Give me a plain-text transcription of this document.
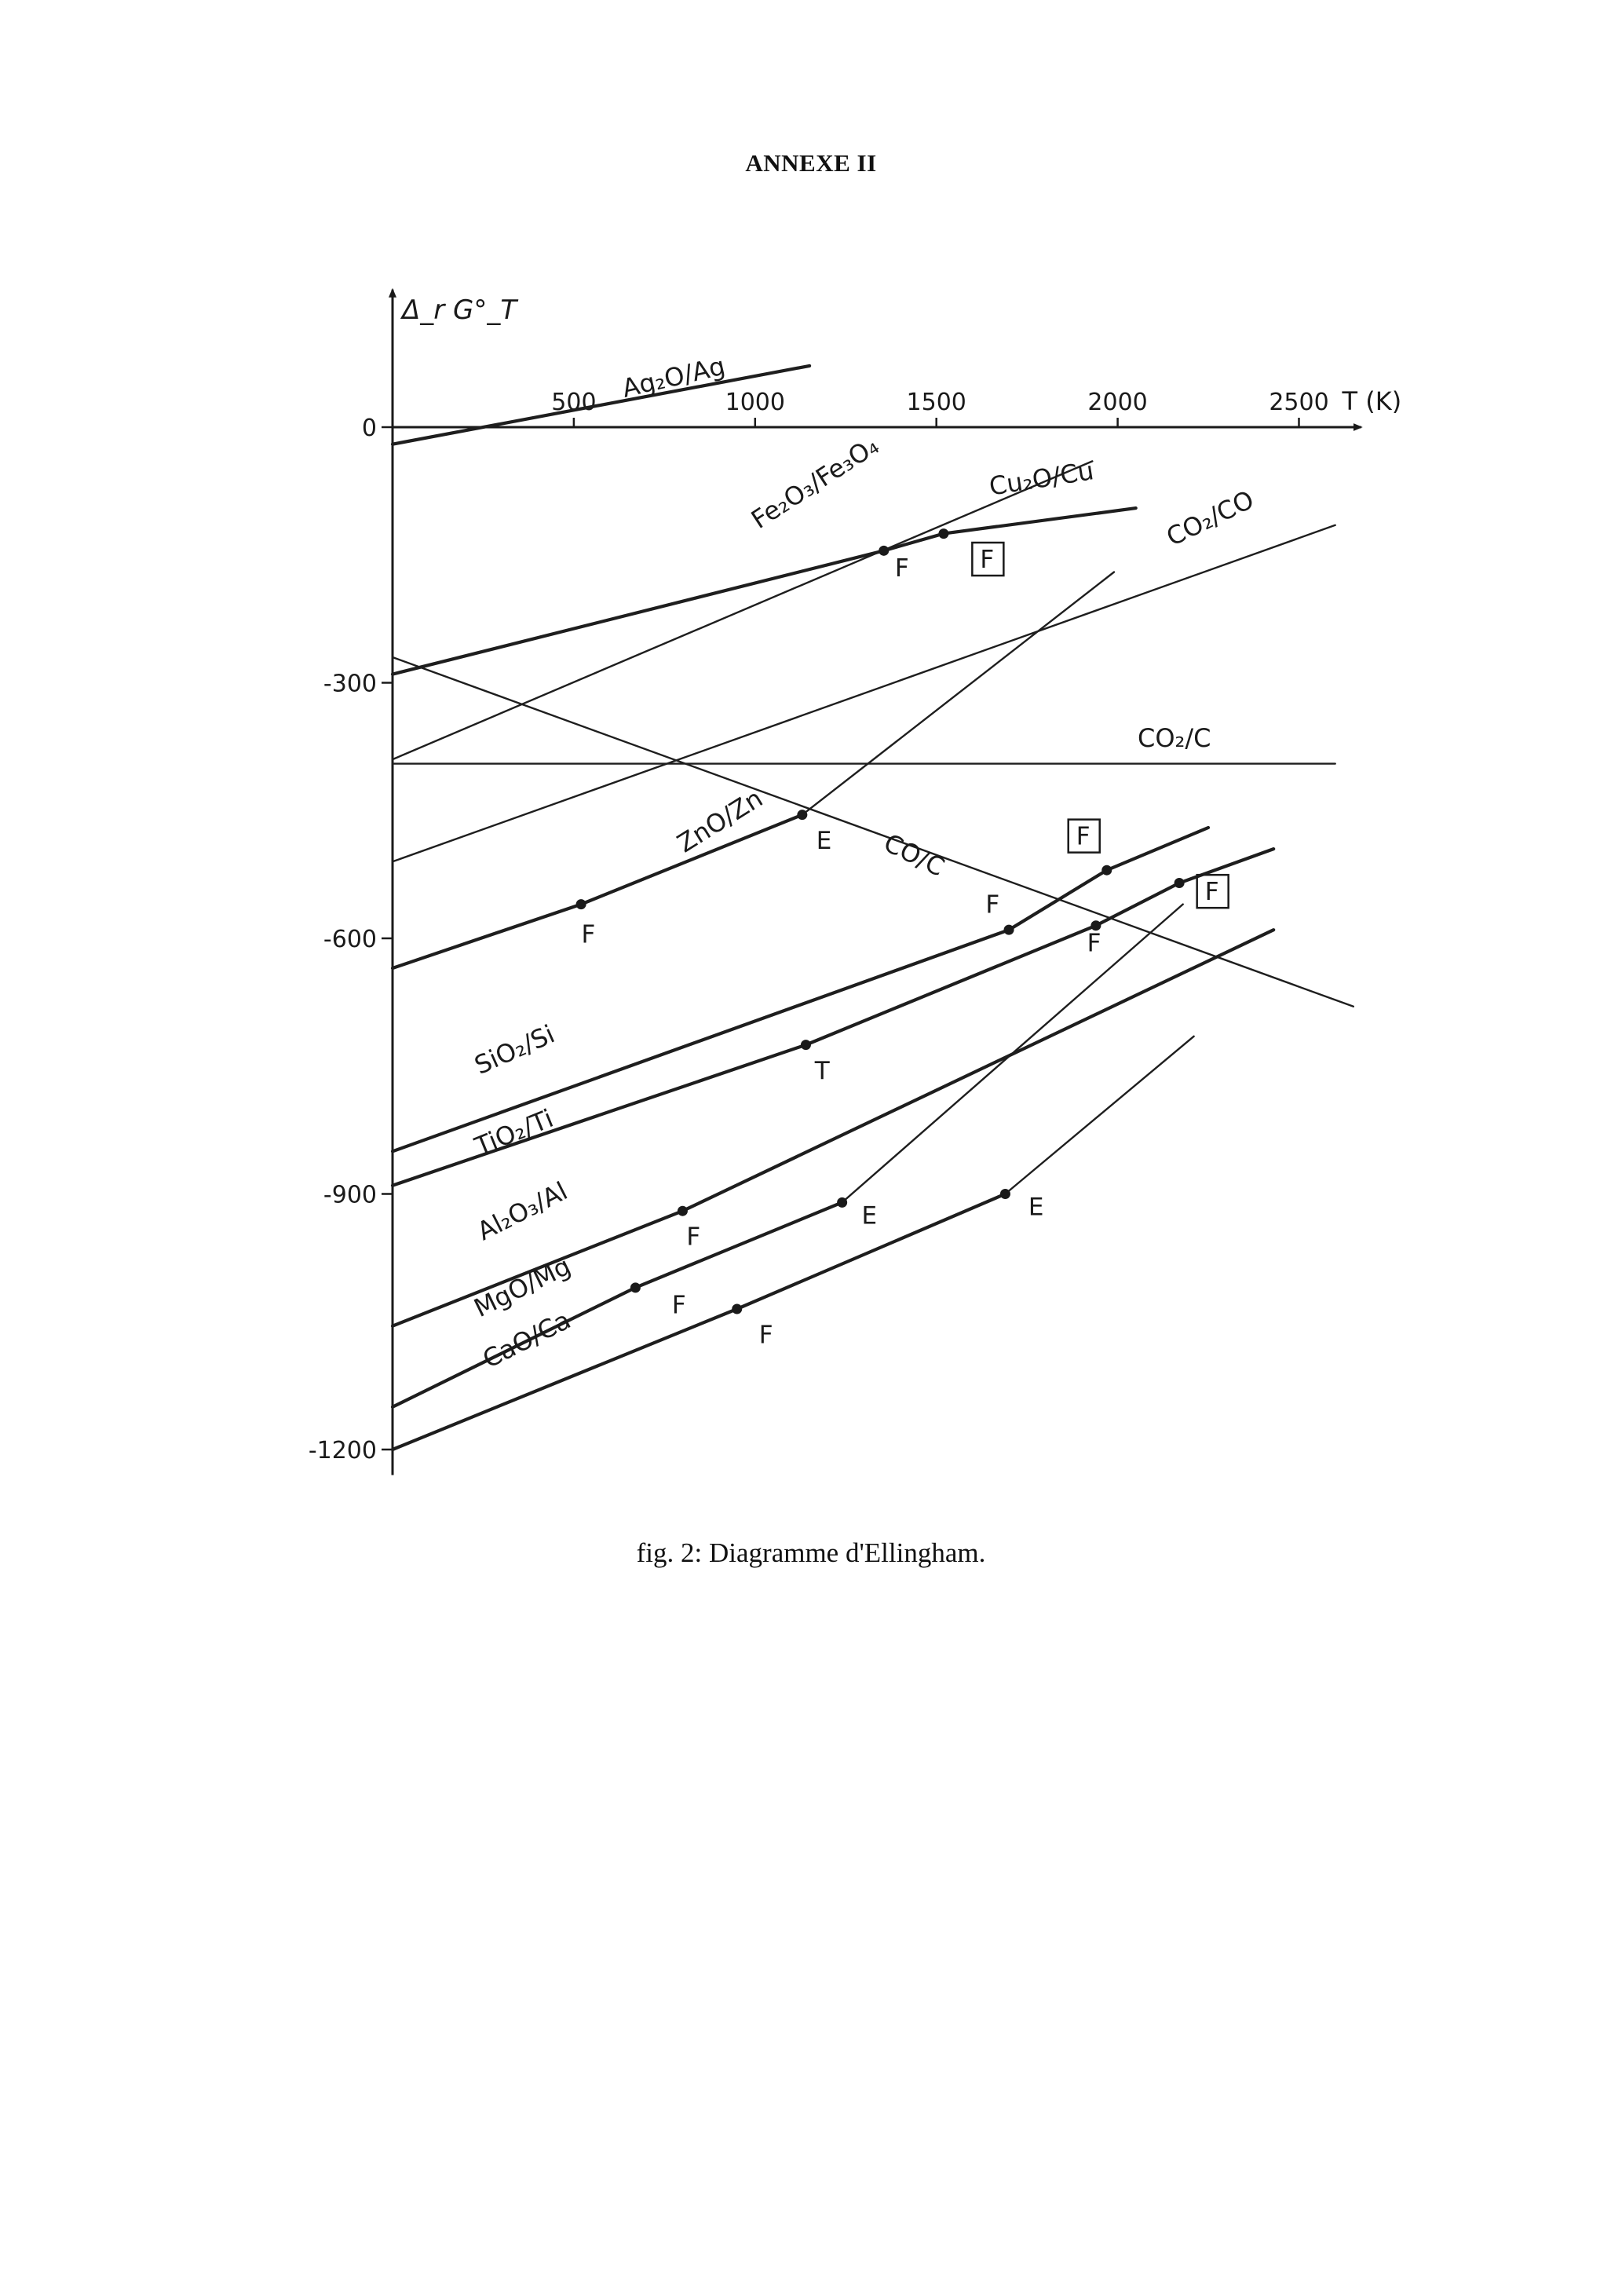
ANNEXE II
500	1000	1500	2000	2500
0
-300
-600
-900
-1200
Δ_r G°_T
T (K)
Ag₂O/Ag
Fe₂O₃/Fe₃O₄	Cu₂O/Cu
CO₂/CO
CO₂/C
CO/C
ZnO/Zn
SiO₂/Si
TiO₂/Ti
Al₂O₃/Al
MgO/Mg
CaO/Ca
F	F
F
E
F
F
F
F
T
F
E	E
F
F
fig. 2: Diagramme d'Ellingham.
